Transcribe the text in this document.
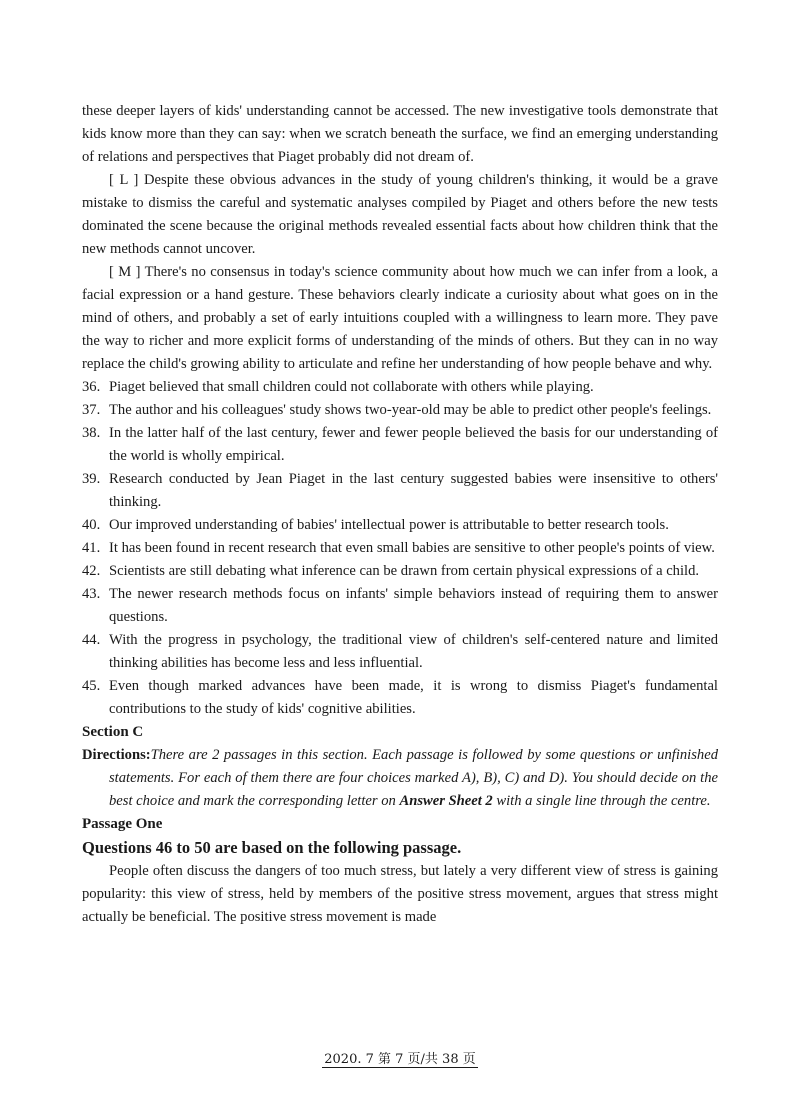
these deeper layers of kids' understanding cannot be accessed. The new investigative tools demonstrate that kids know more than they can say: when we scratch beneath the surface, we find an emerging understanding of relations and perspectives that Piaget probably did not dream of.

[ L ] Despite these obvious advances in the study of young children's thinking, it would be a grave mistake to dismiss the careful and systematic analyses compiled by Piaget and others before the new tests dominated the scene because the original methods revealed essential facts about how children think that the new methods cannot uncover.

[ M ] There's no consensus in today's science community about how much we can infer from a look, a facial expression or a hand gesture. These behaviors clearly indicate a curiosity about what goes on in the mind of others, and probably a set of early intuitions coupled with a willingness to learn more. They pave the way to richer and more explicit forms of understanding of the minds of others. But they can in no way replace the child's growing ability to articulate and refine her understanding of how people behave and why.

36. Piaget believed that small children could not collaborate with others while playing.

37. The author and his colleagues' study shows two-year-old may be able to predict other people's feelings.

38. In the latter half of the last century, fewer and fewer people believed the basis for our understanding of the world is wholly empirical.

39. Research conducted by Jean Piaget in the last century suggested babies were insensitive to others' thinking.

40. Our improved understanding of babies' intellectual power is attributable to better research tools.

41. It has been found in recent research that even small babies are sensitive to other people's points of view.

42. Scientists are still debating what inference can be drawn from certain physical expressions of a child.

43. The newer research methods focus on infants' simple behaviors instead of requiring them to answer questions.

44. With the progress in psychology, the traditional view of children's self-centered nature and limited thinking abilities has become less and less influential.

45. Even though marked advances have been made, it is wrong to dismiss Piaget's fundamental contributions to the study of kids' cognitive abilities.

Section C

Directions:There are 2 passages in this section. Each passage is followed by some questions or unfinished statements. For each of them there are four choices marked A), B), C) and D). You should decide on the best choice and mark the corresponding letter on Answer Sheet 2 with a single line through the centre.

Passage One

Questions 46 to 50 are based on the following passage.

People often discuss the dangers of too much stress, but lately a very different view of stress is gaining popularity: this view of stress, held by members of the positive stress movement, argues that stress might actually be beneficial. The positive stress movement is made

2020. 7 第 7 页/共 38 页
